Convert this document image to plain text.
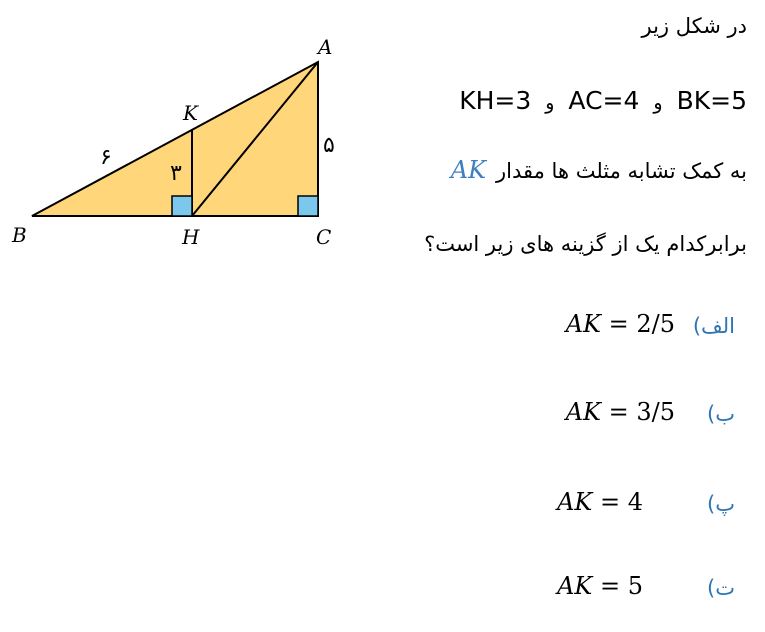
A
K
B	H	C
۶
۳
۵
در شکل زیر
BK=5وAC=4وKH=3
به کمک تشابه مثلث ها مقدارAK
برابرکدام یک از گزینه های زیر است؟
الف)
AK = 2/5
ب)
AK = 3/5
پ)
AK = 4
ت)
AK = 5
